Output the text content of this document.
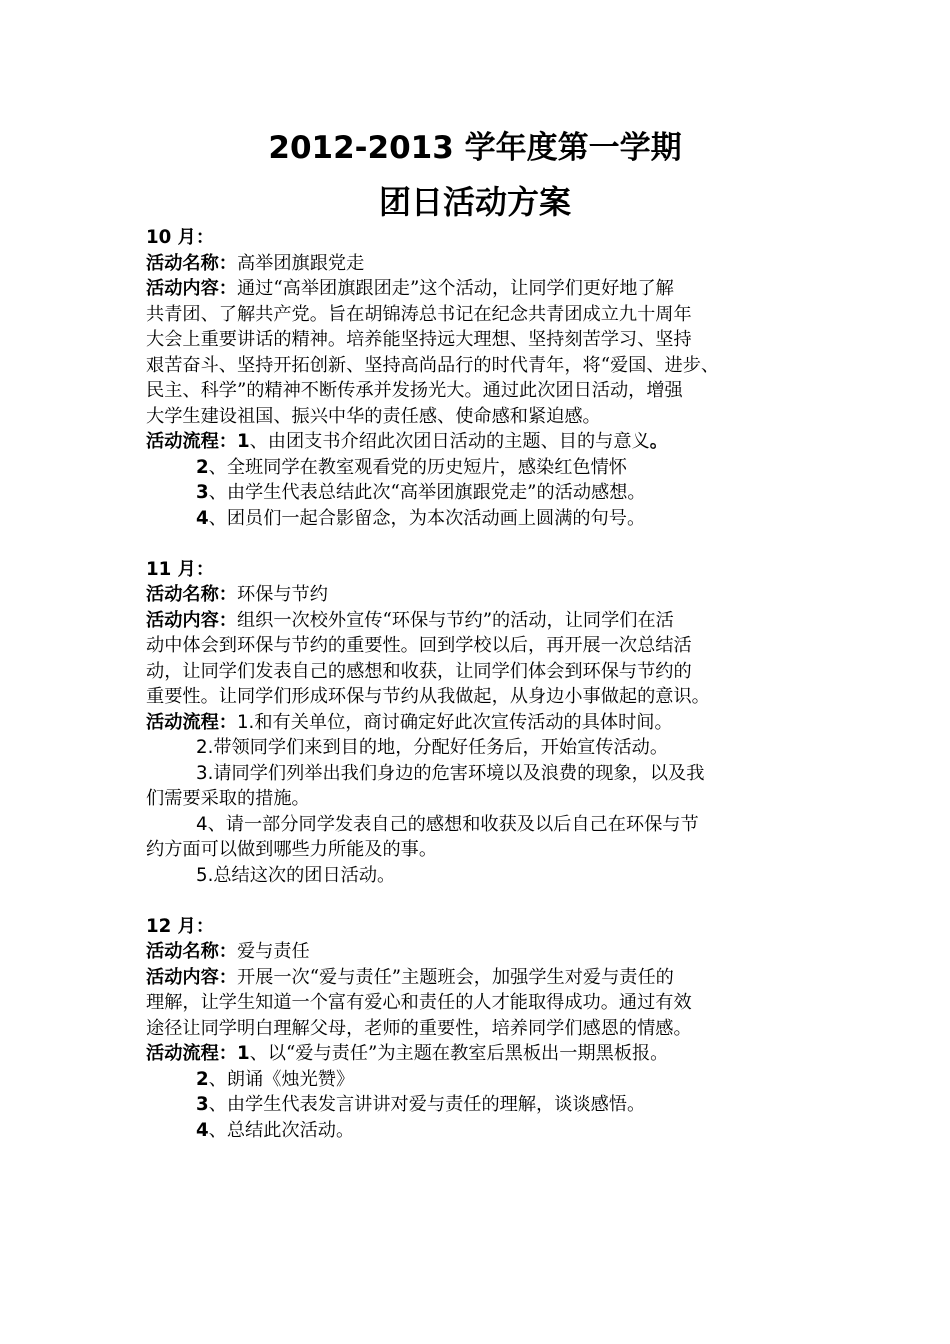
2012-2013 学年度第一学期
团日活动方案
10 月：
活动名称：高举团旗跟党走
活动内容：通过“高举团旗跟团走”这个活动，让同学们更好地了解
共青团、了解共产党。旨在胡锦涛总书记在纪念共青团成立九十周年
大会上重要讲话的精神。培养能坚持远大理想、坚持刻苦学习、坚持
艰苦奋斗、坚持开拓创新、坚持高尚品行的时代青年，将“爱国、进步、
民主、科学”的精神不断传承并发扬光大。通过此次团日活动，增强
大学生建设祖国、振兴中华的责任感、使命感和紧迫感。
活动流程：1、由团支书介绍此次团日活动的主题、目的与意义。
2、全班同学在教室观看党的历史短片，感染红色情怀
3、由学生代表总结此次“高举团旗跟党走”的活动感想。
4、团员们一起合影留念，为本次活动画上圆满的句号。
11 月：
活动名称：环保与节约
活动内容：组织一次校外宣传“环保与节约”的活动，让同学们在活
动中体会到环保与节约的重要性。回到学校以后，再开展一次总结活
动，让同学们发表自己的感想和收获，让同学们体会到环保与节约的
重要性。让同学们形成环保与节约从我做起，从身边小事做起的意识。
活动流程：1.和有关单位，商讨确定好此次宣传活动的具体时间。
2.带领同学们来到目的地，分配好任务后，开始宣传活动。
3.请同学们列举出我们身边的危害环境以及浪费的现象，以及我
们需要采取的措施。
4、请一部分同学发表自己的感想和收获及以后自己在环保与节
约方面可以做到哪些力所能及的事。
5.总结这次的团日活动。
12 月：
活动名称：爱与责任
活动内容：开展一次“爱与责任”主题班会，加强学生对爱与责任的
理解，让学生知道一个富有爱心和责任的人才能取得成功。通过有效
途径让同学明白理解父母，老师的重要性，培养同学们感恩的情感。
活动流程：1、以“爱与责任”为主题在教室后黑板出一期黑板报。
2、朗诵《烛光赞》
3、由学生代表发言讲讲对爱与责任的理解，谈谈感悟。
4、总结此次活动。
